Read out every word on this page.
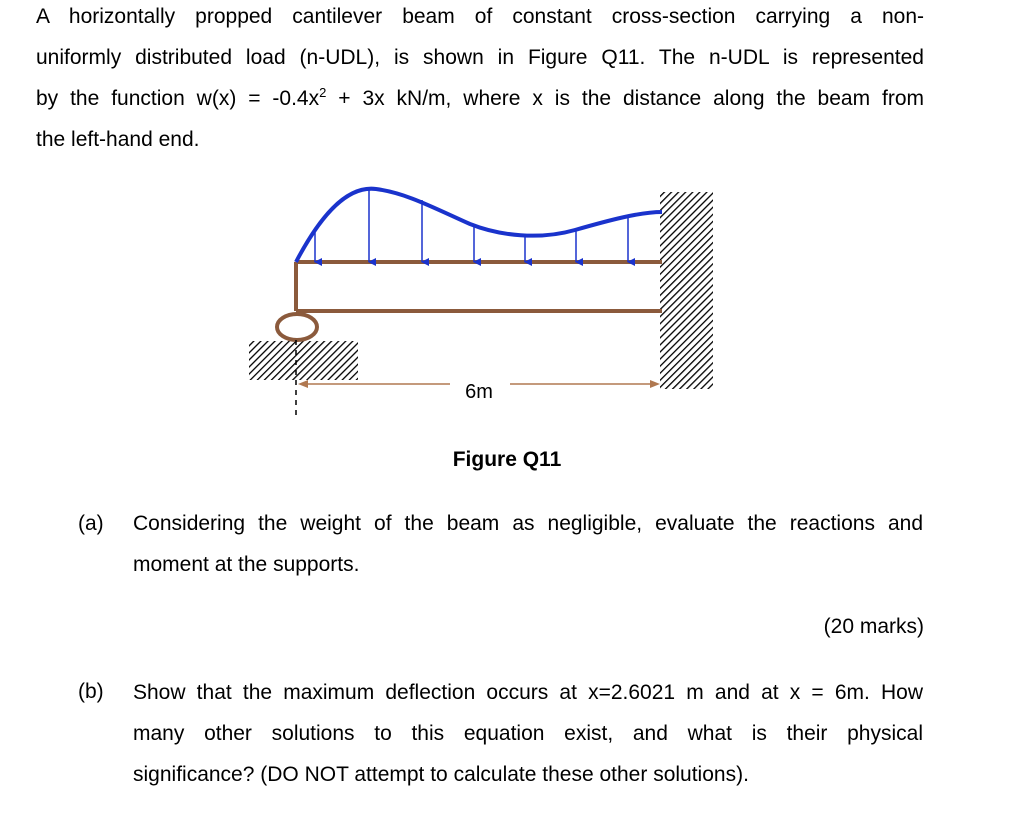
A horizontally propped cantilever beam of constant cross-section carrying a non-
uniformly distributed load (n-UDL), is shown in Figure Q11. The n-UDL is represented
by the function $w(x) = -0.4x^2 + 3x$ kN/m, where x is the distance along the beam from
the left-hand end.
6m
Figure Q11
(a) Considering the weight of the beam as negligible, evaluate the reactions and
moment at the supports.
(20 marks)
(b) Show that the maximum deflection occurs at x=2.6021 m and at x = 6m. How
many other solutions to this equation exist, and what is their physical
significance? (DO NOT attempt to calculate these other solutions).
